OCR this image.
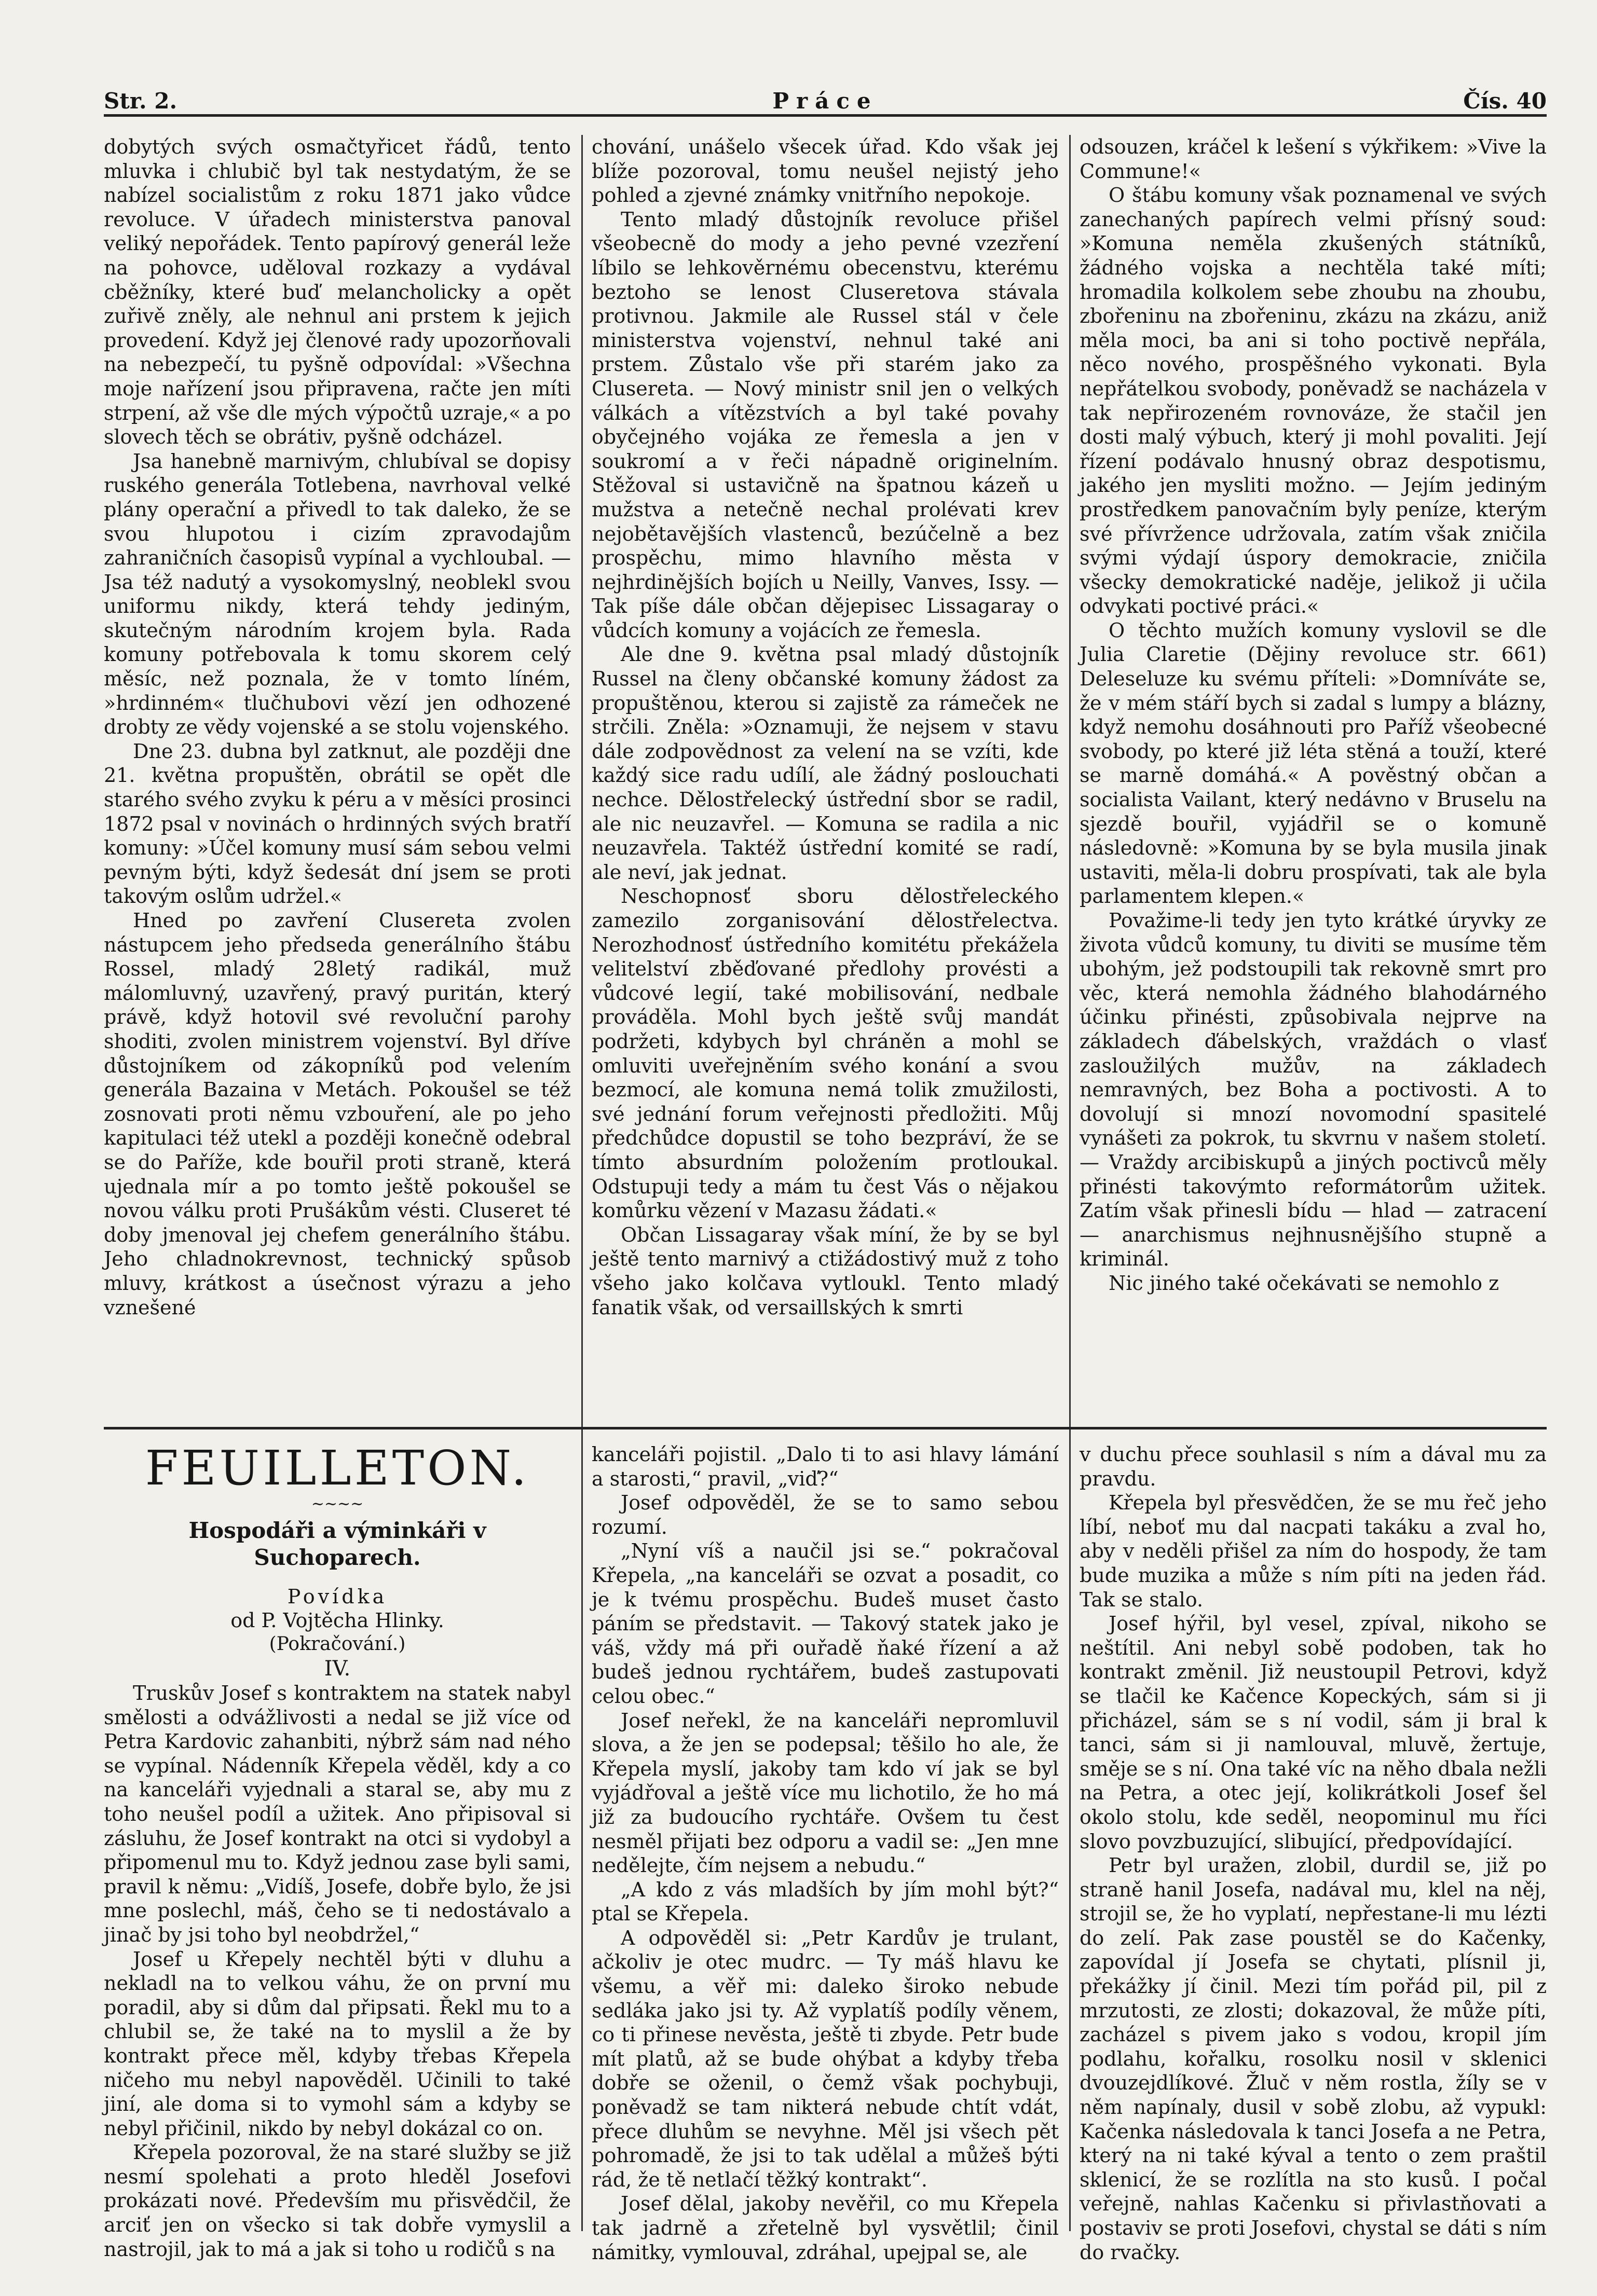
Str. 2.	Práce	Čís. 40

dobytých svých osmačtyřicet řádů, tento mluvka i chlubič byl tak nestydatým, že se nabízel socialistům z roku 1871 jako vůdce revoluce. V úřadech ministerstva panoval veliký nepořádek. Tento papírový generál leže na pohovce, uděloval rozkazy a vydával cběžníky, které buď melancholicky a opět zuřivě zněly, ale nehnul ani prstem k jejich provedení. Když jej členové rady upozorňovali na nebezpečí, tu pyšně odpovídal: »Všechna moje nařízení jsou připravena, račte jen míti strpení, až vše dle mých výpočtů uzraje,« a po slovech těch se obrátiv, pyšně odcházel.

Jsa hanebně marnivým, chlubíval se dopisy ruského generála Totlebena, navrhoval velké plány operační a přivedl to tak daleko, že se svou hlupotou i cizím zpravodajům zahraničních časopisů vypínal a vychloubal. — Jsa též nadutý a vysokomyslný, neoblekl svou uniformu nikdy, která tehdy jediným, skutečným národním krojem byla. Rada komuny potřebovala k tomu skorem celý měsíc, než poznala, že v tomto líném, »hrdinném« tlučhubovi vězí jen odhozené drobty ze vědy vojenské a se stolu vojenského.

Dne 23. dubna byl zatknut, ale později dne 21. května propuštěn, obrátil se opět dle starého svého zvyku k péru a v měsíci prosinci 1872 psal v novinách o hrdinných svých bratří komuny: »Účel komuny musí sám sebou velmi pevným býti, když šedesát dní jsem se proti takovým oslům udržel.«

Hned po zavření Clusereta zvolen nástupcem jeho předseda generálního štábu Rossel, mladý 28letý radikál, muž málomluvný, uzavřený, pravý puritán, který právě, když hotovil své revoluční parohy shoditi, zvolen ministrem vojenství. Byl dříve důstojníkem od zákopníků pod velením generála Bazaina v Metách. Pokoušel se též zosnovati proti němu vzbouření, ale po jeho kapitulaci též utekl a později konečně odebral se do Paříže, kde bouřil proti straně, která ujednala mír a po tomto ještě pokoušel se novou válku proti Prušákům vésti. Cluseret té doby jmenoval jej chefem generálního štábu. Jeho chladnokrevnost, technický spůsob mluvy, krátkost a úsečnost výrazu a jeho vznešené

chování, unášelo všecek úřad. Kdo však jej blíže pozoroval, tomu neušel nejistý jeho pohled a zjevné známky vnitřního nepokoje.

Tento mladý důstojník revoluce přišel všeobecně do mody a jeho pevné vzezření líbilo se lehkověrnému obecenstvu, kterému beztoho se lenost Cluseretova stávala protivnou. Jakmile ale Russel stál v čele ministerstva vojenství, nehnul také ani prstem. Zůstalo vše při starém jako za Clusereta. — Nový ministr snil jen o velkých válkách a vítězstvích a byl také povahy obyčejného vojáka ze řemesla a jen v soukromí a v řeči nápadně originelním. Stěžoval si ustavičně na špatnou kázeň u mužstva a netečně nechal prolévati krev nejobětavějších vlastenců, bezúčelně a bez prospěchu, mimo hlavního města v nejhrdinějších bojích u Neilly, Vanves, Issy. — Tak píše dále občan dějepisec Lissagaray o vůdcích komuny a vojácích ze řemesla.

Ale dne 9. května psal mladý důstojník Russel na členy občanské komuny žádost za propuštěnou, kterou si zajistě za rámeček ne strčili. Zněla: »Oznamuji, že nejsem v stavu dále zodpovědnost za velení na se vzíti, kde každý sice radu udílí, ale žádný poslouchati nechce. Dělostřelecký ústřední sbor se radil, ale nic neuzavřel. — Komuna se radila a nic neuzavřela. Taktéž ústřední komité se radí, ale neví, jak jednat.

Neschopnosť sboru dělostřeleckého zamezilo zorganisování dělostřelectva. Nerozhodnosť ústředního komitétu překážela velitelství zběďované předlohy provésti a vůdcové legií, také mobilisování, nedbale prováděla. Mohl bych ještě svůj mandát podržeti, kdybych byl chráněn a mohl se omluviti uveřejněním svého konání a svou bezmocí, ale komuna nemá tolik zmužilosti, své jednání forum veřejnosti předložiti. Můj předchůdce dopustil se toho bezpráví, že se tímto absurdním položením protloukal. Odstupuji tedy a mám tu čest Vás o nějakou komůrku vězení v Mazasu žádati.«

Občan Lissagaray však míní, že by se byl ještě tento marnivý a ctižádostivý muž z toho všeho jako kolčava vytloukl. Tento mladý fanatik však, od versaillských k smrti

odsouzen, kráčel k lešení s výkřikem: »Vive la Commune!«

O štábu komuny však poznamenal ve svých zanechaných papírech velmi přísný soud: »Komuna neměla zkušených státníků, žádného vojska a nechtěla také míti; hromadila kolkolem sebe zhoubu na zhoubu, zbořeninu na zbořeninu, zkázu na zkázu, aniž měla moci, ba ani si toho poctivě nepřála, něco nového, prospěšného vykonati. Byla nepřátelkou svobody, poněvadž se nacházela v tak nepřirozeném rovnováze, že stačil jen dosti malý výbuch, který ji mohl povaliti. Její řízení podávalo hnusný obraz despotismu, jakého jen mysliti možno. — Jejím jediným prostředkem panovačním byly peníze, kterým své přívržence udržovala, zatím však zničila svými výdají úspory demokracie, zničila všecky demokratické naděje, jelikož ji učila odvykati poctivé práci.«

O těchto mužích komuny vyslovil se dle Julia Claretie (Dějiny revoluce str. 661) Deleseluze ku svému příteli: »Domníváte se, že v mém stáří bych si zadal s lumpy a blázny, když nemohu dosáhnouti pro Paříž všeobecné svobody, po které již léta stěná a touží, které se marně domáhá.« A pověstný občan a socialista Vailant, který nedávno v Bruselu na sjezdě bouřil, vyjádřil se o komuně následovně: »Komuna by se byla musila jinak ustaviti, měla-li dobru prospívati, tak ale byla parlamentem klepen.«

Považime-li tedy jen tyto krátké úryvky ze života vůdců komuny, tu diviti se musíme těm ubohým, jež podstoupili tak rekovně smrt pro věc, která nemohla žádného blahodárného účinku přinésti, způsobivala nejprve na základech ďábelských, vraždách o vlasť zasloužilých mužův, na základech nemravných, bez Boha a poctivosti. A to dovolují si mnozí novomodní spasitelé vynášeti za pokrok, tu skvrnu v našem století. — Vraždy arcibiskupů a jiných poctivců měly přinésti takovýmto reformátorům užitek. Zatím však přinesli bídu — hlad — zatracení — anarchismus nejhnusnějšího stupně a kriminál.

Nic jiného také očekávati se nemohlo z

FEUILLETON.
~~~~
Hospodáři a výminkáři v Suchoparech.
Povídka
od P. Vojtěcha Hlinky.
(Pokračování.)
IV.

Truskův Josef s kontraktem na statek nabyl smělosti a odvážlivosti a nedal se již více od Petra Kardovic zahanbiti, nýbrž sám nad ného se vypínal. Nádenník Křepela věděl, kdy a co na kanceláři vyjednali a staral se, aby mu z toho neušel podíl a užitek. Ano připisoval si zásluhu, že Josef kontrakt na otci si vydobyl a připomenul mu to. Když jednou zase byli sami, pravil k němu: „Vidíš, Josefe, dobře bylo, že jsi mne poslechl, máš, čeho se ti nedostávalo a jinač by jsi toho byl neobdržel,“

Josef u Křepely nechtěl býti v dluhu a nekladl na to velkou váhu, že on první mu poradil, aby si dům dal připsati. Řekl mu to a chlubil se, že také na to myslil a že by kontrakt přece měl, kdyby třebas Křepela ničeho mu nebyl napověděl. Učinili to také jiní, ale doma si to vymohl sám a kdyby se nebyl přičinil, nikdo by nebyl dokázal co on.

Křepela pozoroval, že na staré služby se již nesmí spolehati a proto hleděl Josefovi prokázati nové. Především mu přisvědčil, že arciť jen on všecko si tak dobře vymyslil a nastrojil, jak to má a jak si toho u rodičů s na

kanceláři pojistil. „Dalo ti to asi hlavy lámání a starosti,“ pravil, „viď?“

Josef odpověděl, že se to samo sebou rozumí.

„Nyní víš a naučil jsi se.“ pokračoval Křepela, „na kanceláři se ozvat a posadit, co je k tvému prospěchu. Budeš muset často páním se představit. — Takový statek jako je váš, vždy má při ouřadě ňaké řízení a až budeš jednou rychtářem, budeš zastupovati celou obec.“

Josef neřekl, že na kanceláři nepromluvil slova, a že jen se podepsal; těšilo ho ale, že Křepela myslí, jakoby tam kdo ví jak se byl vyjádřoval a ještě více mu lichotilo, že ho má již za budoucího rychtáře. Ovšem tu čest nesměl přijati bez odporu a vadil se: „Jen mne nedělejte, čím nejsem a nebudu.“

„A kdo z vás mladších by jím mohl být?“ ptal se Křepela.

A odpověděl si: „Petr Kardův je trulant, ačkoliv je otec mudrc. — Ty máš hlavu ke všemu, a věř mi: daleko široko nebude sedláka jako jsi ty. Až vyplatíš podíly věnem, co ti přinese nevěsta, ještě ti zbyde. Petr bude mít platů, až se bude ohýbat a kdyby třeba dobře se oženil, o čemž však pochybuji, poněvadž se tam nikterá nebude chtít vdát, přece dluhům se nevyhne. Měl jsi všech pět pohromadě, že jsi to tak udělal a můžeš býti rád, že tě netlačí těžký kontrakt“.

Josef dělal, jakoby nevěřil, co mu Křepela tak jadrně a zřetelně byl vysvětlil; činil námitky, vymlouval, zdráhal, upejpal se, ale

v duchu přece souhlasil s ním a dával mu za pravdu.

Křepela byl přesvědčen, že se mu řeč jeho líbí, neboť mu dal nacpati takáku a zval ho, aby v neděli přišel za ním do hospody, že tam bude muzika a může s ním píti na jeden řád. Tak se stalo.

Josef hýřil, byl vesel, zpíval, nikoho se neštítil. Ani nebyl sobě podoben, tak ho kontrakt změnil. Již neustoupil Petrovi, když se tlačil ke Kačence Kopeckých, sám si ji přicházel, sám se s ní vodil, sám ji bral k tanci, sám si ji namlouval, mluvě, žertuje, směje se s ní. Ona také víc na něho dbala nežli na Petra, a otec její, kolikrátkoli Josef šel okolo stolu, kde seděl, neopominul mu říci slovo povzbuzující, slibující, předpovídající.

Petr byl uražen, zlobil, durdil se, již po straně hanil Josefa, nadával mu, klel na něj, strojil se, že ho vyplatí, nepřestane-li mu lézti do zelí. Pak zase poustěl se do Kačenky, zapovídal jí Josefa se chytati, plísnil ji, překážky jí činil. Mezi tím pořád pil, pil z mrzutosti, ze zlosti; dokazoval, že může píti, zacházel s pivem jako s vodou, kropil jím podlahu, kořalku, rosolku nosil v sklenici dvouzejdlíkové. Žluč v něm rostla, žíly se v něm napínaly, dusil v sobě zlobu, až vypukl: Kačenka následovala k tanci Josefa a ne Petra, který na ni také kýval a tento o zem praštil sklenicí, že se rozlítla na sto kusů. I počal veřejně, nahlas Kačenku si přivlastňovati a postaviv se proti Josefovi, chystal se dáti s ním do rvačky.
